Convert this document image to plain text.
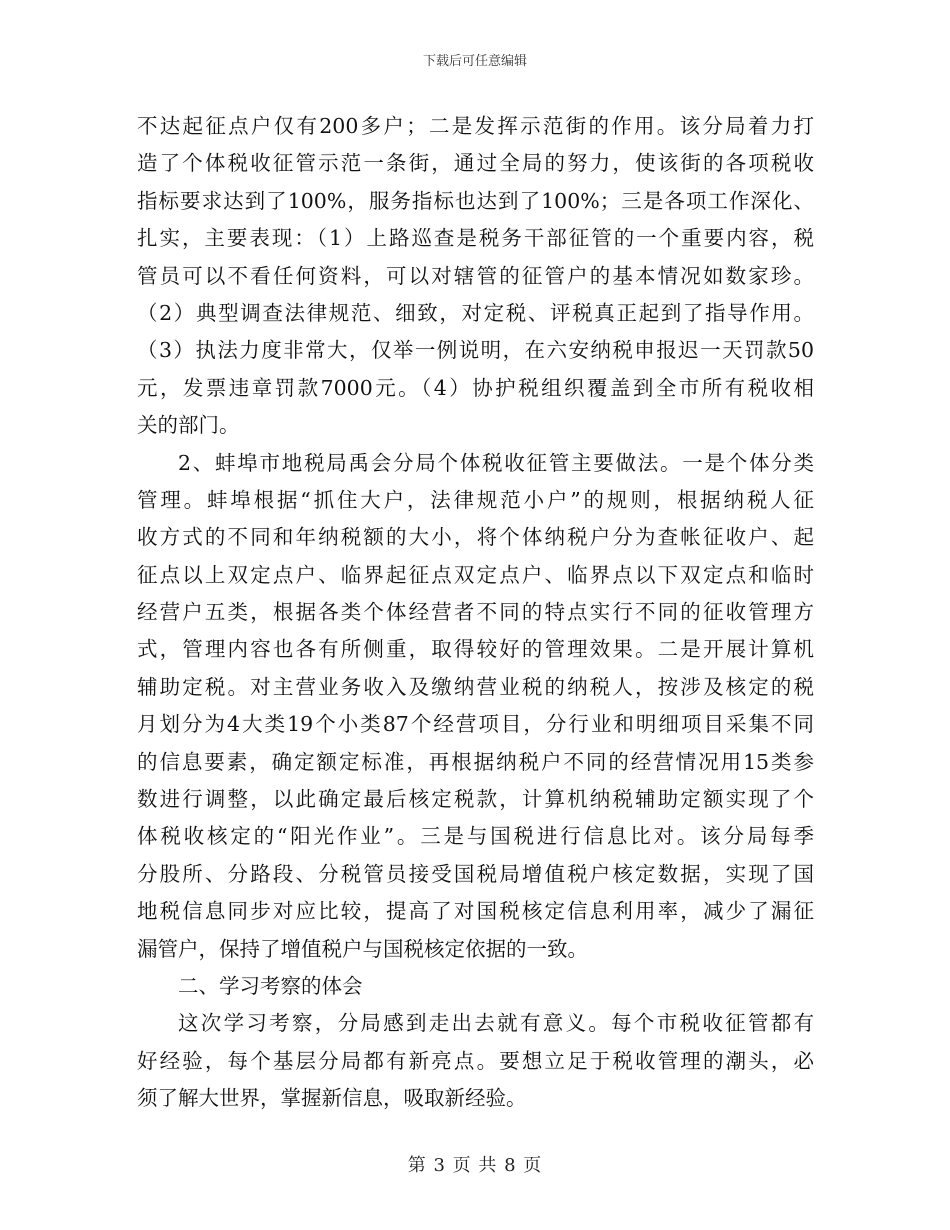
下载后可任意编辑
不达起征点户仅有200多户；二是发挥示范街的作用。该分局着力打
造了个体税收征管示范一条街，通过全局的努力，使该街的各项税收
指标要求达到了100%，服务指标也达到了100%；三是各项工作深化、
扎实，主要表现：（1）上路巡查是税务干部征管的一个重要内容，税
管员可以不看任何资料，可以对辖管的征管户的基本情况如数家珍。
（2）典型调查法律规范、细致，对定税、评税真正起到了指导作用。
（3）执法力度非常大，仅举一例说明，在六安纳税申报迟一天罚款50
元，发票违章罚款7000元。（4）协护税组织覆盖到全市所有税收相
关的部门。
2、蚌埠市地税局禹会分局个体税收征管主要做法。一是个体分类
管理。蚌埠根据“抓住大户，法律规范小户”的规则，根据纳税人征
收方式的不同和年纳税额的大小，将个体纳税户分为查帐征收户、起
征点以上双定点户、临界起征点双定点户、临界点以下双定点和临时
经营户五类，根据各类个体经营者不同的特点实行不同的征收管理方
式，管理内容也各有所侧重，取得较好的管理效果。二是开展计算机
辅助定税。对主营业务收入及缴纳营业税的纳税人，按涉及核定的税
月划分为4大类19个小类87个经营项目，分行业和明细项目采集不同
的信息要素，确定额定标准，再根据纳税户不同的经营情况用15类参
数进行调整，以此确定最后核定税款，计算机纳税辅助定额实现了个
体税收核定的“阳光作业”。三是与国税进行信息比对。该分局每季
分股所、分路段、分税管员接受国税局增值税户核定数据，实现了国
地税信息同步对应比较，提高了对国税核定信息利用率，减少了漏征
漏管户，保持了增值税户与国税核定依据的一致。
二、学习考察的体会
这次学习考察，分局感到走出去就有意义。每个市税收征管都有
好经验，每个基层分局都有新亮点。要想立足于税收管理的潮头，必
须了解大世界，掌握新信息，吸取新经验。
第 3 页 共 8 页
